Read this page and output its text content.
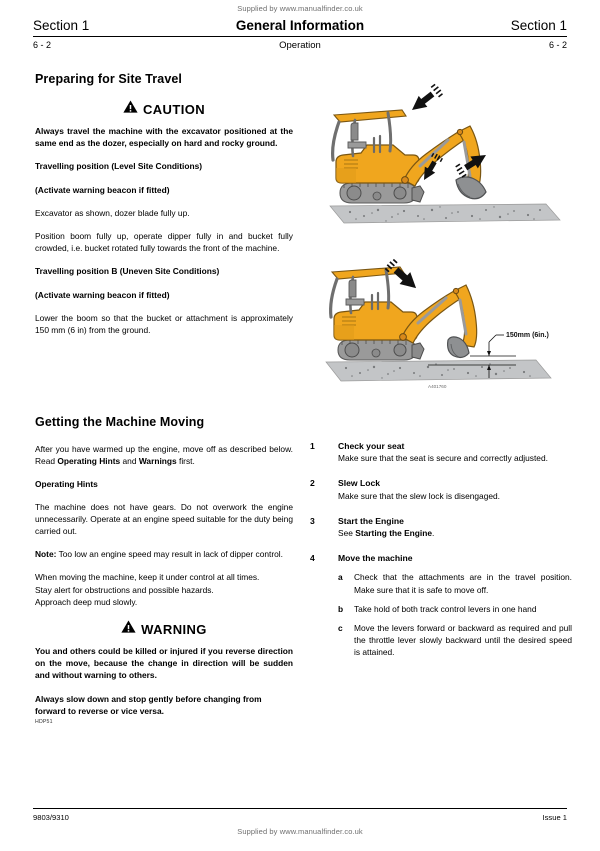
Supplied by www.manualfinder.co.uk
Section 1	General Information	Section 1
6 - 2	Operation	6 - 2
Preparing for Site Travel
CAUTION

Always travel the machine with the excavator positioned at the same end as the dozer, especially on hard and rocky ground.

Travelling position (Level Site Conditions)

(Activate warning beacon if fitted)

Excavator as shown, dozer blade fully up.

Position boom fully up, operate dipper fully in and bucket fully crowded, i.e. bucket rotated fully towards the front of the machine.

Travelling position B (Uneven Site Conditions)

(Activate warning beacon if fitted)

Lower the boom so that the bucket or attachment is approximately 150 mm (6 in) from the ground.

150mm (6in.)
A401760
Getting the Machine Moving

After you have warmed up the engine, move off as described below. Read Operating Hints and Warnings first.

Operating Hints

The machine does not have gears. Do not overwork the engine unnecessarily. Operate at an engine speed suitable for the duty being carried out.

Note: Too low an engine speed may result in lack of dipper control.

When moving the machine, keep it under control at all times.
Stay alert for obstructions and possible hazards.
Approach deep mud slowly.

WARNING

You and others could be killed or injured if you reverse direction on the move, because the change in direction will be sudden and without warning to others.

Always slow down and stop gently before changing from forward to reverse or vice versa.

HDP51
1	Check your seat

Make sure that the seat is secure and correctly adjusted.

2	Slew Lock

Make sure that the slew lock is disengaged.

3	Start the Engine

See Starting the Engine.

4	Move the machine

a	Check that the attachments are in the travel position. Make sure that it is safe to move off.
b	Take hold of both track control levers in one hand
c	Move the levers forward or backward as required and pull the throttle lever slowly backward until the desired speed is attained.
9803/9310	Issue 1
Supplied by www.manualfinder.co.uk
